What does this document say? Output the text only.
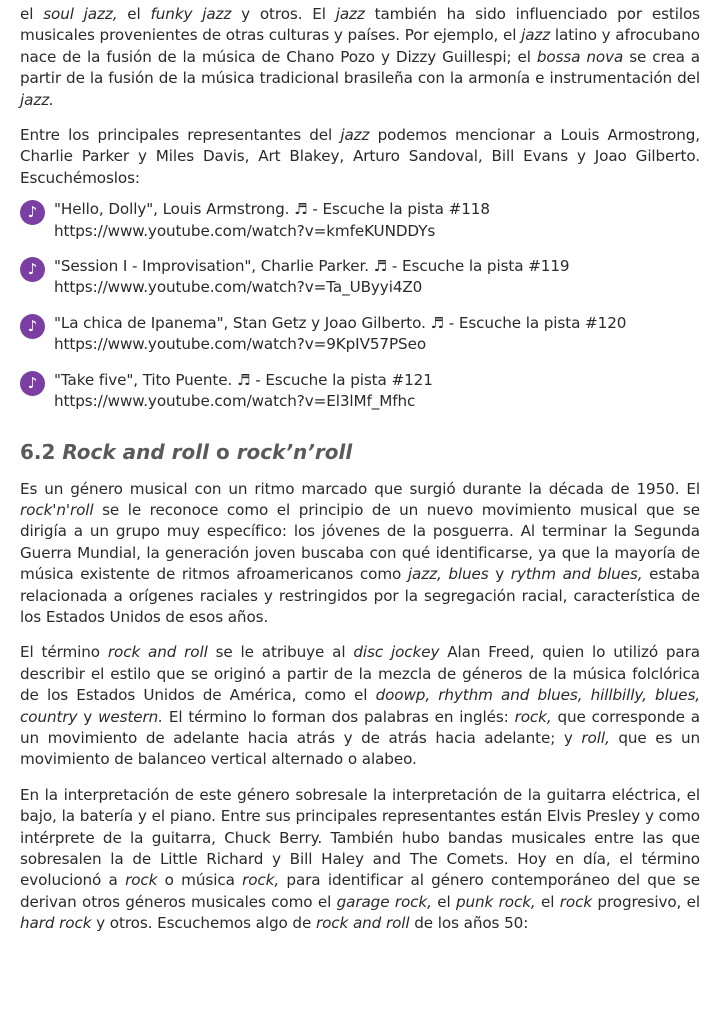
el soul jazz, el funky jazz y otros. El jazz también ha sido influenciado por estilos musicales provenientes de otras culturas y países. Por ejemplo, el jazz latino y afrocubano nace de la fusión de la música de Chano Pozo y Dizzy Guillespi; el bossa nova se crea a partir de la fusión de la música tradicional brasileña con la armonía e instrumentación del jazz.

Entre los principales representantes del jazz podemos mencionar a Louis Armostrong, Charlie Parker y Miles Davis, Art Blakey, Arturo Sandoval, Bill Evans y Joao Gilberto. Escuchémoslos:

♪	"Hello, Dolly", Louis Armstrong. ♬ - Escuche la pista #118
https://www.youtube.com/watch?v=kmfeKUNDDYs
♪	"Session I - Improvisation", Charlie Parker. ♬ - Escuche la pista #119
https://www.youtube.com/watch?v=Ta_UByyi4Z0
♪	"La chica de Ipanema", Stan Getz y Joao Gilberto. ♬ - Escuche la pista #120
https://www.youtube.com/watch?v=9KpIV57PSeo
♪	"Take five", Tito Puente. ♬ - Escuche la pista #121
https://www.youtube.com/watch?v=El3lMf_Mfhc
6.2 Rock and roll o rock’n’roll

Es un género musical con un ritmo marcado que surgió durante la década de 1950. El rock'n'roll se le reconoce como el principio de un nuevo movimiento musical que se dirigía a un grupo muy específico: los jóvenes de la posguerra. Al terminar la Segunda Guerra Mundial, la generación joven buscaba con qué identificarse, ya que la mayoría de música existente de ritmos afroamericanos como jazz, blues y rythm and blues, estaba relacionada a orígenes raciales y restringidos por la segregación racial, característica de los Estados Unidos de esos años.

El término rock and roll se le atribuye al disc jockey Alan Freed, quien lo utilizó para describir el estilo que se originó a partir de la mezcla de géneros de la música folclórica de los Estados Unidos de América, como el doowp, rhythm and blues, hillbilly, blues, country y western. El término lo forman dos palabras en inglés: rock, que corresponde a un movimiento de adelante hacia atrás y de atrás hacia adelante; y roll, que es un movimiento de balanceo vertical alternado o alabeo.

En la interpretación de este género sobresale la interpretación de la guitarra eléctrica, el bajo, la batería y el piano. Entre sus principales representantes están Elvis Presley y como intérprete de la guitarra, Chuck Berry. También hubo bandas musicales entre las que sobresalen la de Little Richard y Bill Haley and The Comets. Hoy en día, el término evolucionó a rock o música rock, para identificar al género contemporáneo del que se derivan otros géneros musicales como el garage rock, el punk rock, el rock progresivo, el hard rock y otros. Escuchemos algo de rock and roll de los años 50:
